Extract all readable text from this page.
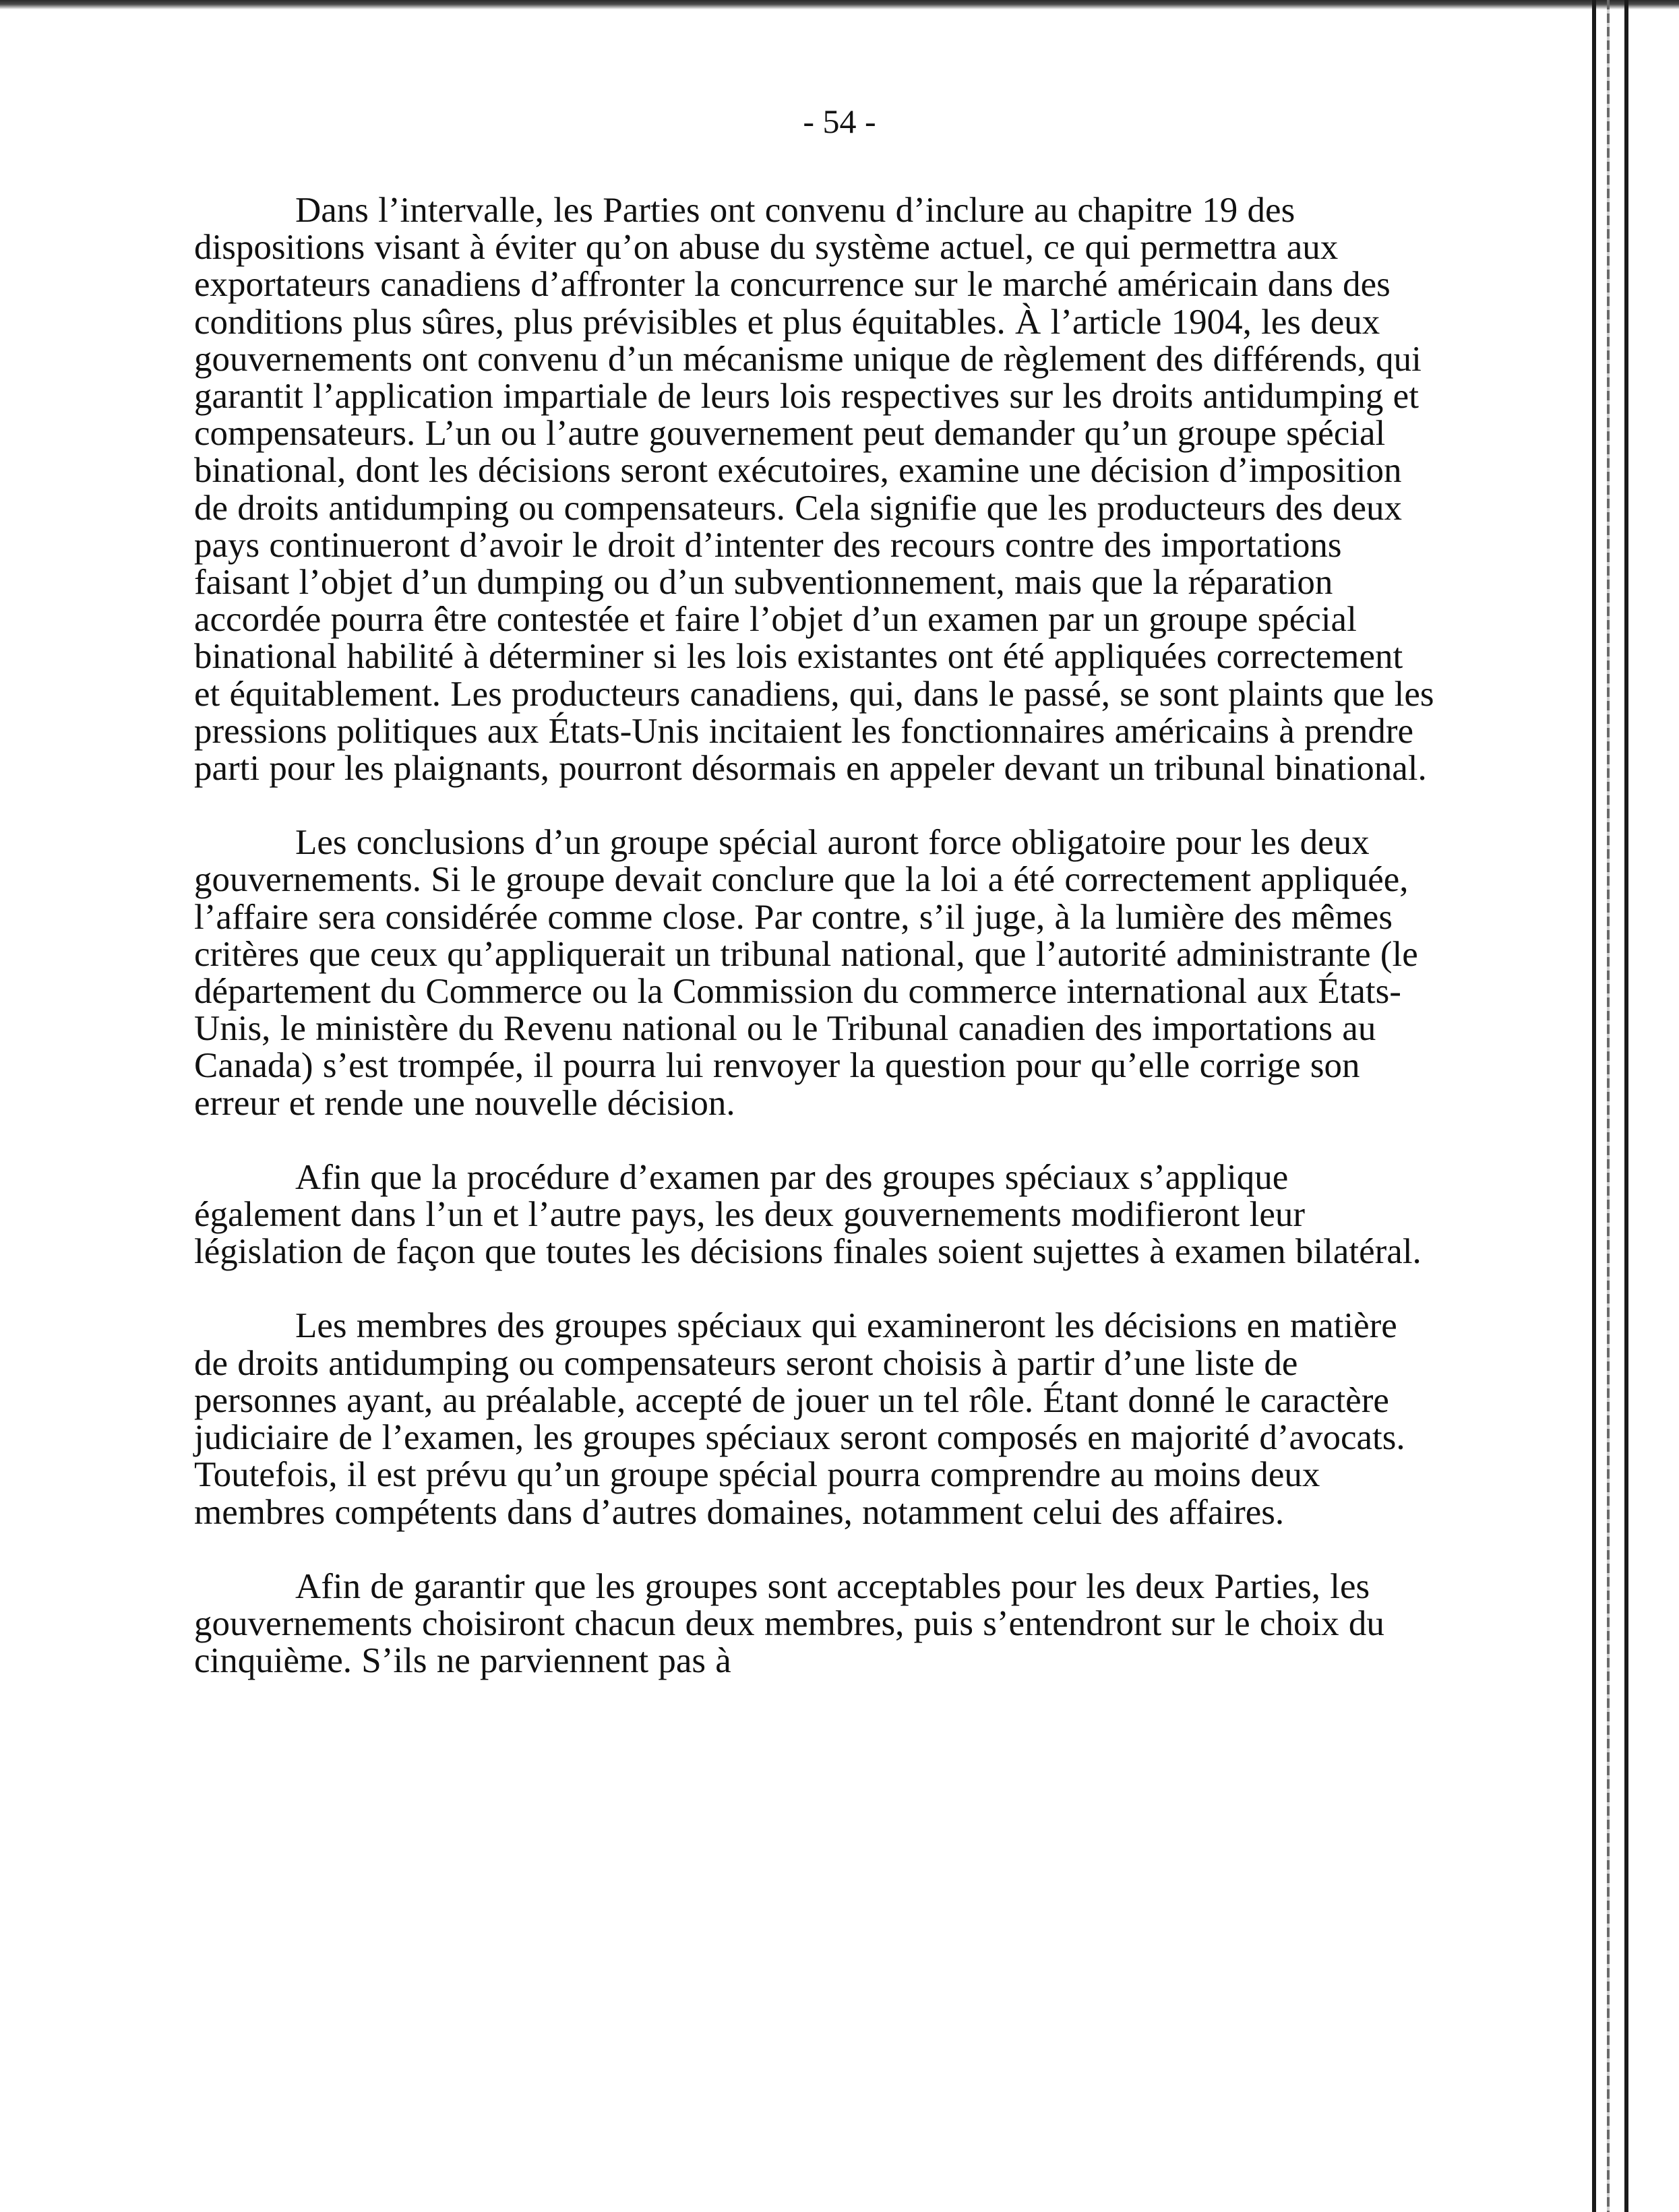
- 54 -

Dans l’intervalle, les Parties ont convenu d’inclure au chapitre 19 des dispositions visant à éviter qu’on abuse du système actuel, ce qui permettra aux exportateurs canadiens d’affronter la concurrence sur le marché américain dans des conditions plus sûres, plus prévisibles et plus équitables. À l’article 1904, les deux gouvernements ont convenu d’un mécanisme unique de règlement des différends, qui garantit l’application impartiale de leurs lois respectives sur les droits antidumping et compensateurs. L’un ou l’autre gouvernement peut demander qu’un groupe spécial binational, dont les décisions seront exécutoires, examine une décision d’imposition de droits antidumping ou compensateurs. Cela signifie que les producteurs des deux pays continueront d’avoir le droit d’intenter des recours contre des importations faisant l’objet d’un dumping ou d’un subventionnement, mais que la réparation accordée pourra être contestée et faire l’objet d’un examen par un groupe spécial binational habilité à déterminer si les lois existantes ont été appliquées correctement et équitablement. Les producteurs canadiens, qui, dans le passé, se sont plaints que les pressions politiques aux États-Unis incitaient les fonctionnaires américains à prendre parti pour les plaignants, pourront désormais en appeler devant un tribunal binational.

Les conclusions d’un groupe spécial auront force obligatoire pour les deux gouvernements. Si le groupe devait conclure que la loi a été correctement appliquée, l’affaire sera considérée comme close. Par contre, s’il juge, à la lumière des mêmes critères que ceux qu’appliquerait un tribunal national, que l’autorité administrante (le département du Commerce ou la Commission du commerce international aux États-Unis, le ministère du Revenu national ou le Tribunal canadien des importations au Canada) s’est trompée, il pourra lui renvoyer la question pour qu’elle corrige son erreur et rende une nouvelle décision.

Afin que la procédure d’examen par des groupes spéciaux s’applique également dans l’un et l’autre pays, les deux gouvernements modifieront leur législation de façon que toutes les décisions finales soient sujettes à examen bilatéral.

Les membres des groupes spéciaux qui examineront les décisions en matière de droits antidumping ou compensateurs seront choisis à partir d’une liste de personnes ayant, au préalable, accepté de jouer un tel rôle. Étant donné le caractère judiciaire de l’examen, les groupes spéciaux seront composés en majorité d’avocats. Toutefois, il est prévu qu’un groupe spécial pourra comprendre au moins deux membres compétents dans d’autres domaines, notamment celui des affaires.

Afin de garantir que les groupes sont acceptables pour les deux Parties, les gouvernements choisiront chacun deux membres, puis s’entendront sur le choix du cinquième. S’ils ne parviennent pas à
